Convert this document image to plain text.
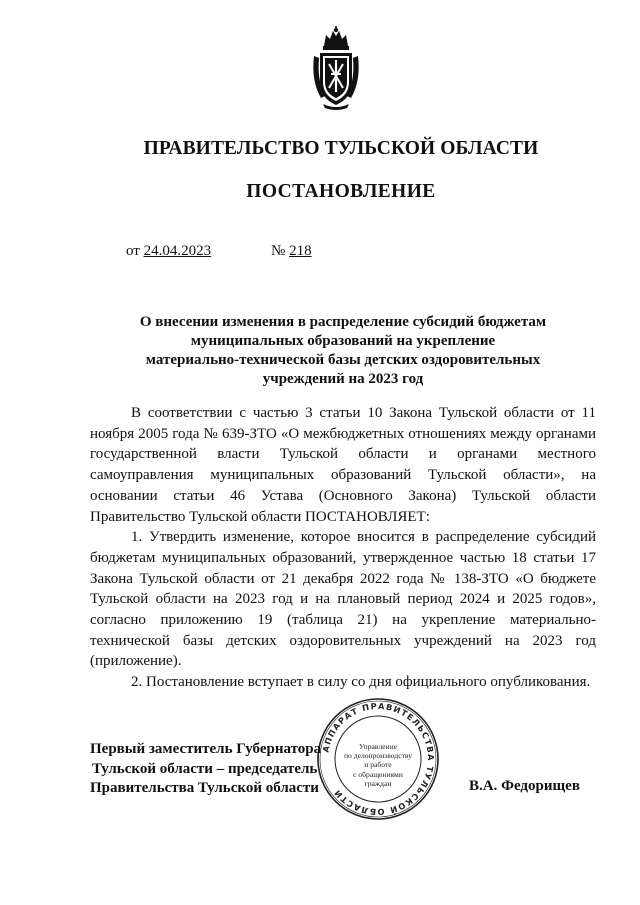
ПРАВИТЕЛЬСТВО ТУЛЬСКОЙ ОБЛАСТИ
ПОСТАНОВЛЕНИЕ
от 24.04.2023	№ 218
О внесении изменения в распределение субсидий бюджетам
муниципальных образований на укрепление
материально-технической базы детских оздоровительных
учреждений на 2023 год

В соответствии с частью 3 статьи 10 Закона Тульской области от 11 ноября 2005 года № 639-ЗТО «О межбюджетных отношениях между органами государственной власти Тульской области и органами местного самоуправления муниципальных образований Тульской области», на основании статьи 46 Устава (Основного Закона) Тульской области

Правительство Тульской области ПОСТАНОВЛЯЕТ:

1. Утвердить изменение, которое вносится в распределение субсидий бюджетам муниципальных образований, утвержденное частью 18 статьи 17 Закона Тульской области от 21 декабря 2022 года № 138-ЗТО «О бюджете Тульской области на 2023 год и на плановый период 2024 и 2025 годов», согласно приложению 19 (таблица 21) на укрепление материально-технической базы детских оздоровительных учреждений на 2023 год (приложение).

2. Постановление вступает в силу со дня официального опубликования.

АППАРАТ ПРАВИТЕЛЬСТВА ТУЛЬСКОЙ ОБЛАСТИ
Управление
по делопроизводству
и работе
с обращениями
граждан
Первый заместитель Губернатора
Тульской области – председатель
Правительства Тульской области	В.А. Федорищев
